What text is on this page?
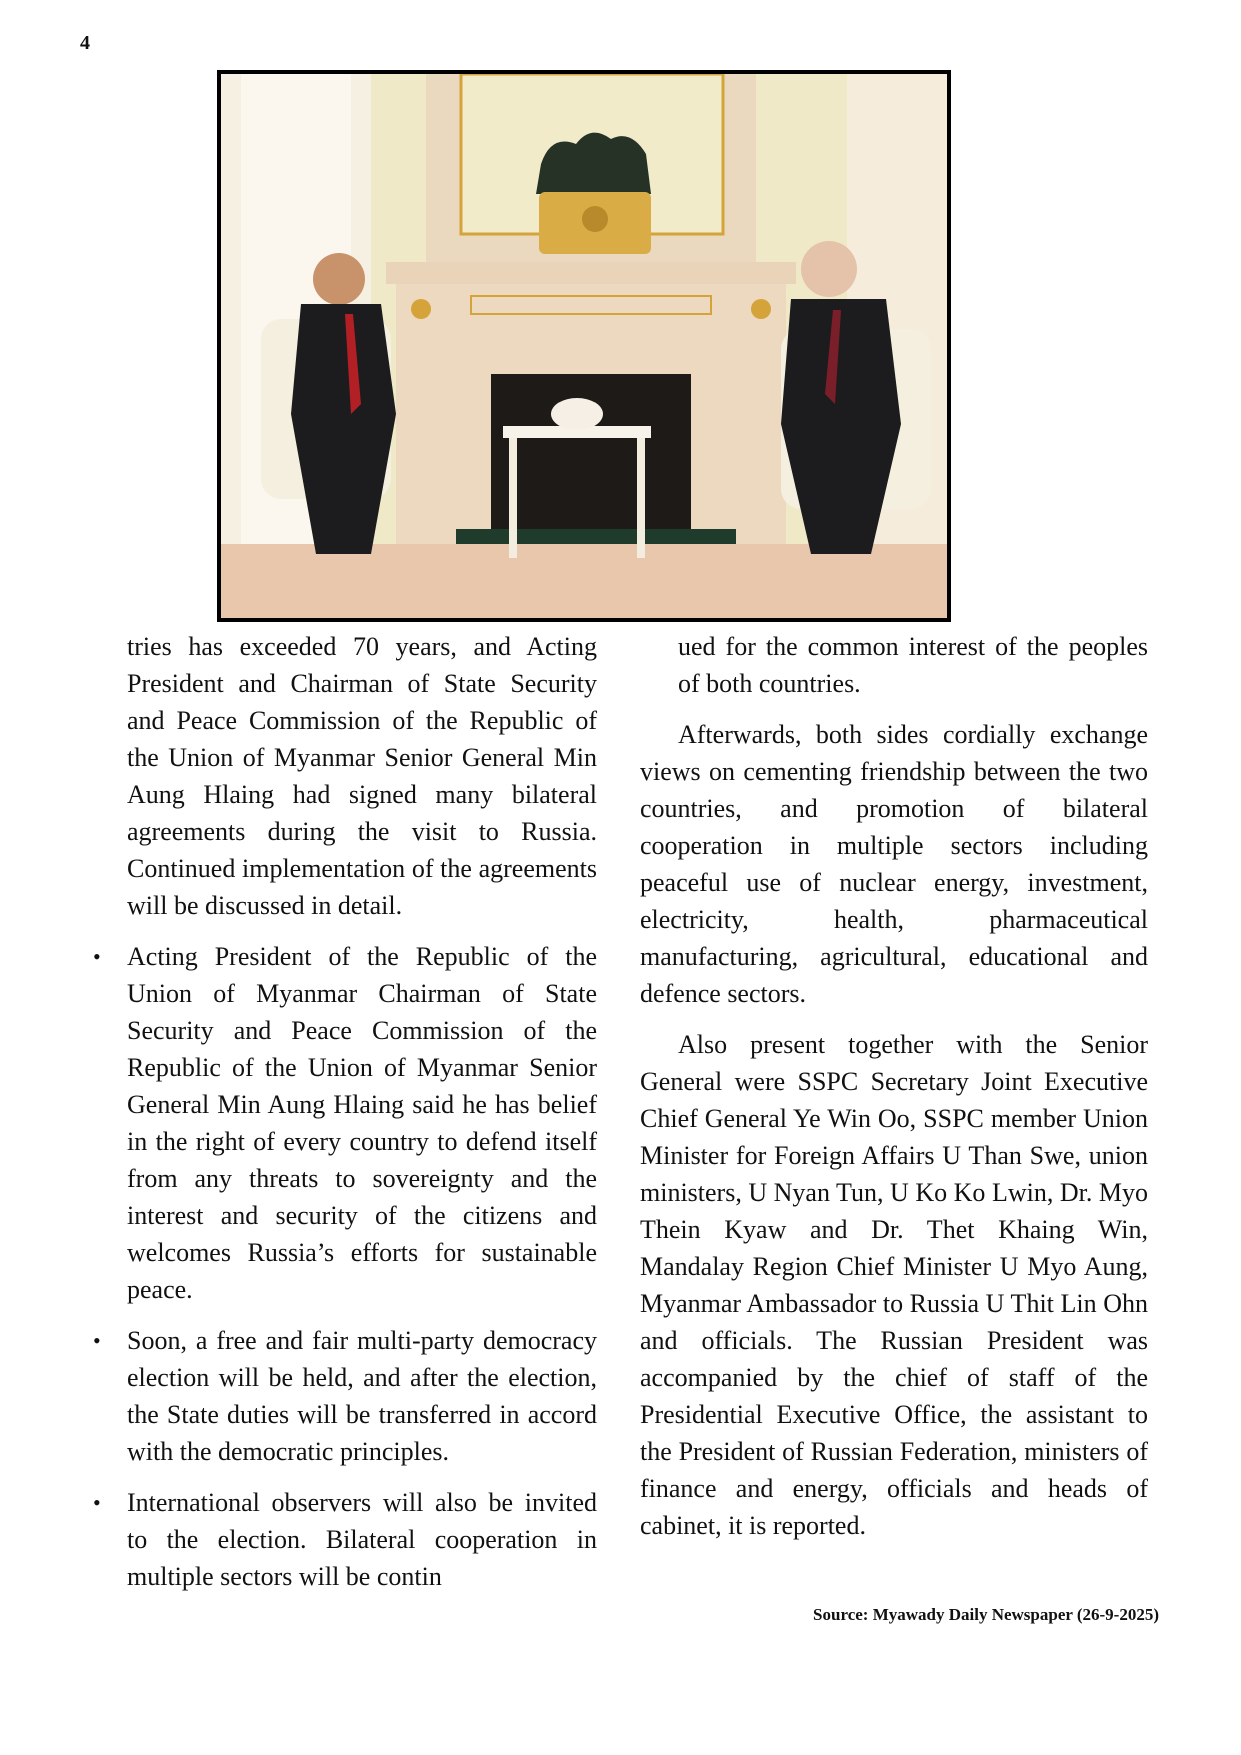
4

tries has exceeded 70 years, and Acting President and Chairman of State Security and Peace Commission of the Republic of the Union of Myanmar Senior General Min Aung Hlaing had signed many bilateral agreements during the visit to Russia. Continued implementation of the agreements will be discussed in detail.

• Acting President of the Republic of the Union of Myanmar Chairman of State Security and Peace Commission of the Republic of the Union of Myanmar Senior General Min Aung Hlaing said he has belief in the right of every country to defend itself from any threats to sovereignty and the interest and security of the citizens and welcomes Russia’s efforts for sustainable peace.
• Soon, a free and fair multi-party democracy election will be held, and after the election, the State duties will be transferred in accord with the democratic principles.
• International observers will also be invited to the election. Bilateral cooperation in multiple sectors will be contin

ued for the common interest of the peoples of both countries.

Afterwards, both sides cordially exchange views on cementing friendship between the two countries, and promotion of bilateral cooperation in multiple sectors including peaceful use of nuclear energy, investment, electricity, health, pharmaceutical manufacturing, agricultural, educational and defence sectors.

Also present together with the Senior General were SSPC Secretary Joint Executive Chief General Ye Win Oo, SSPC member Union Minister for Foreign Affairs U Than Swe, union ministers, U Nyan Tun, U Ko Ko Lwin, Dr. Myo Thein Kyaw and Dr. Thet Khaing Win, Mandalay Region Chief Minister U Myo Aung, Myanmar Ambassador to Russia U Thit Lin Ohn and officials. The Russian President was accompanied by the chief of staff of the Presidential Executive Office, the assistant to the President of Russian Federation, ministers of finance and energy, officials and heads of cabinet, it is reported.

Source: Myawady Daily Newspaper (26-9-2025)
